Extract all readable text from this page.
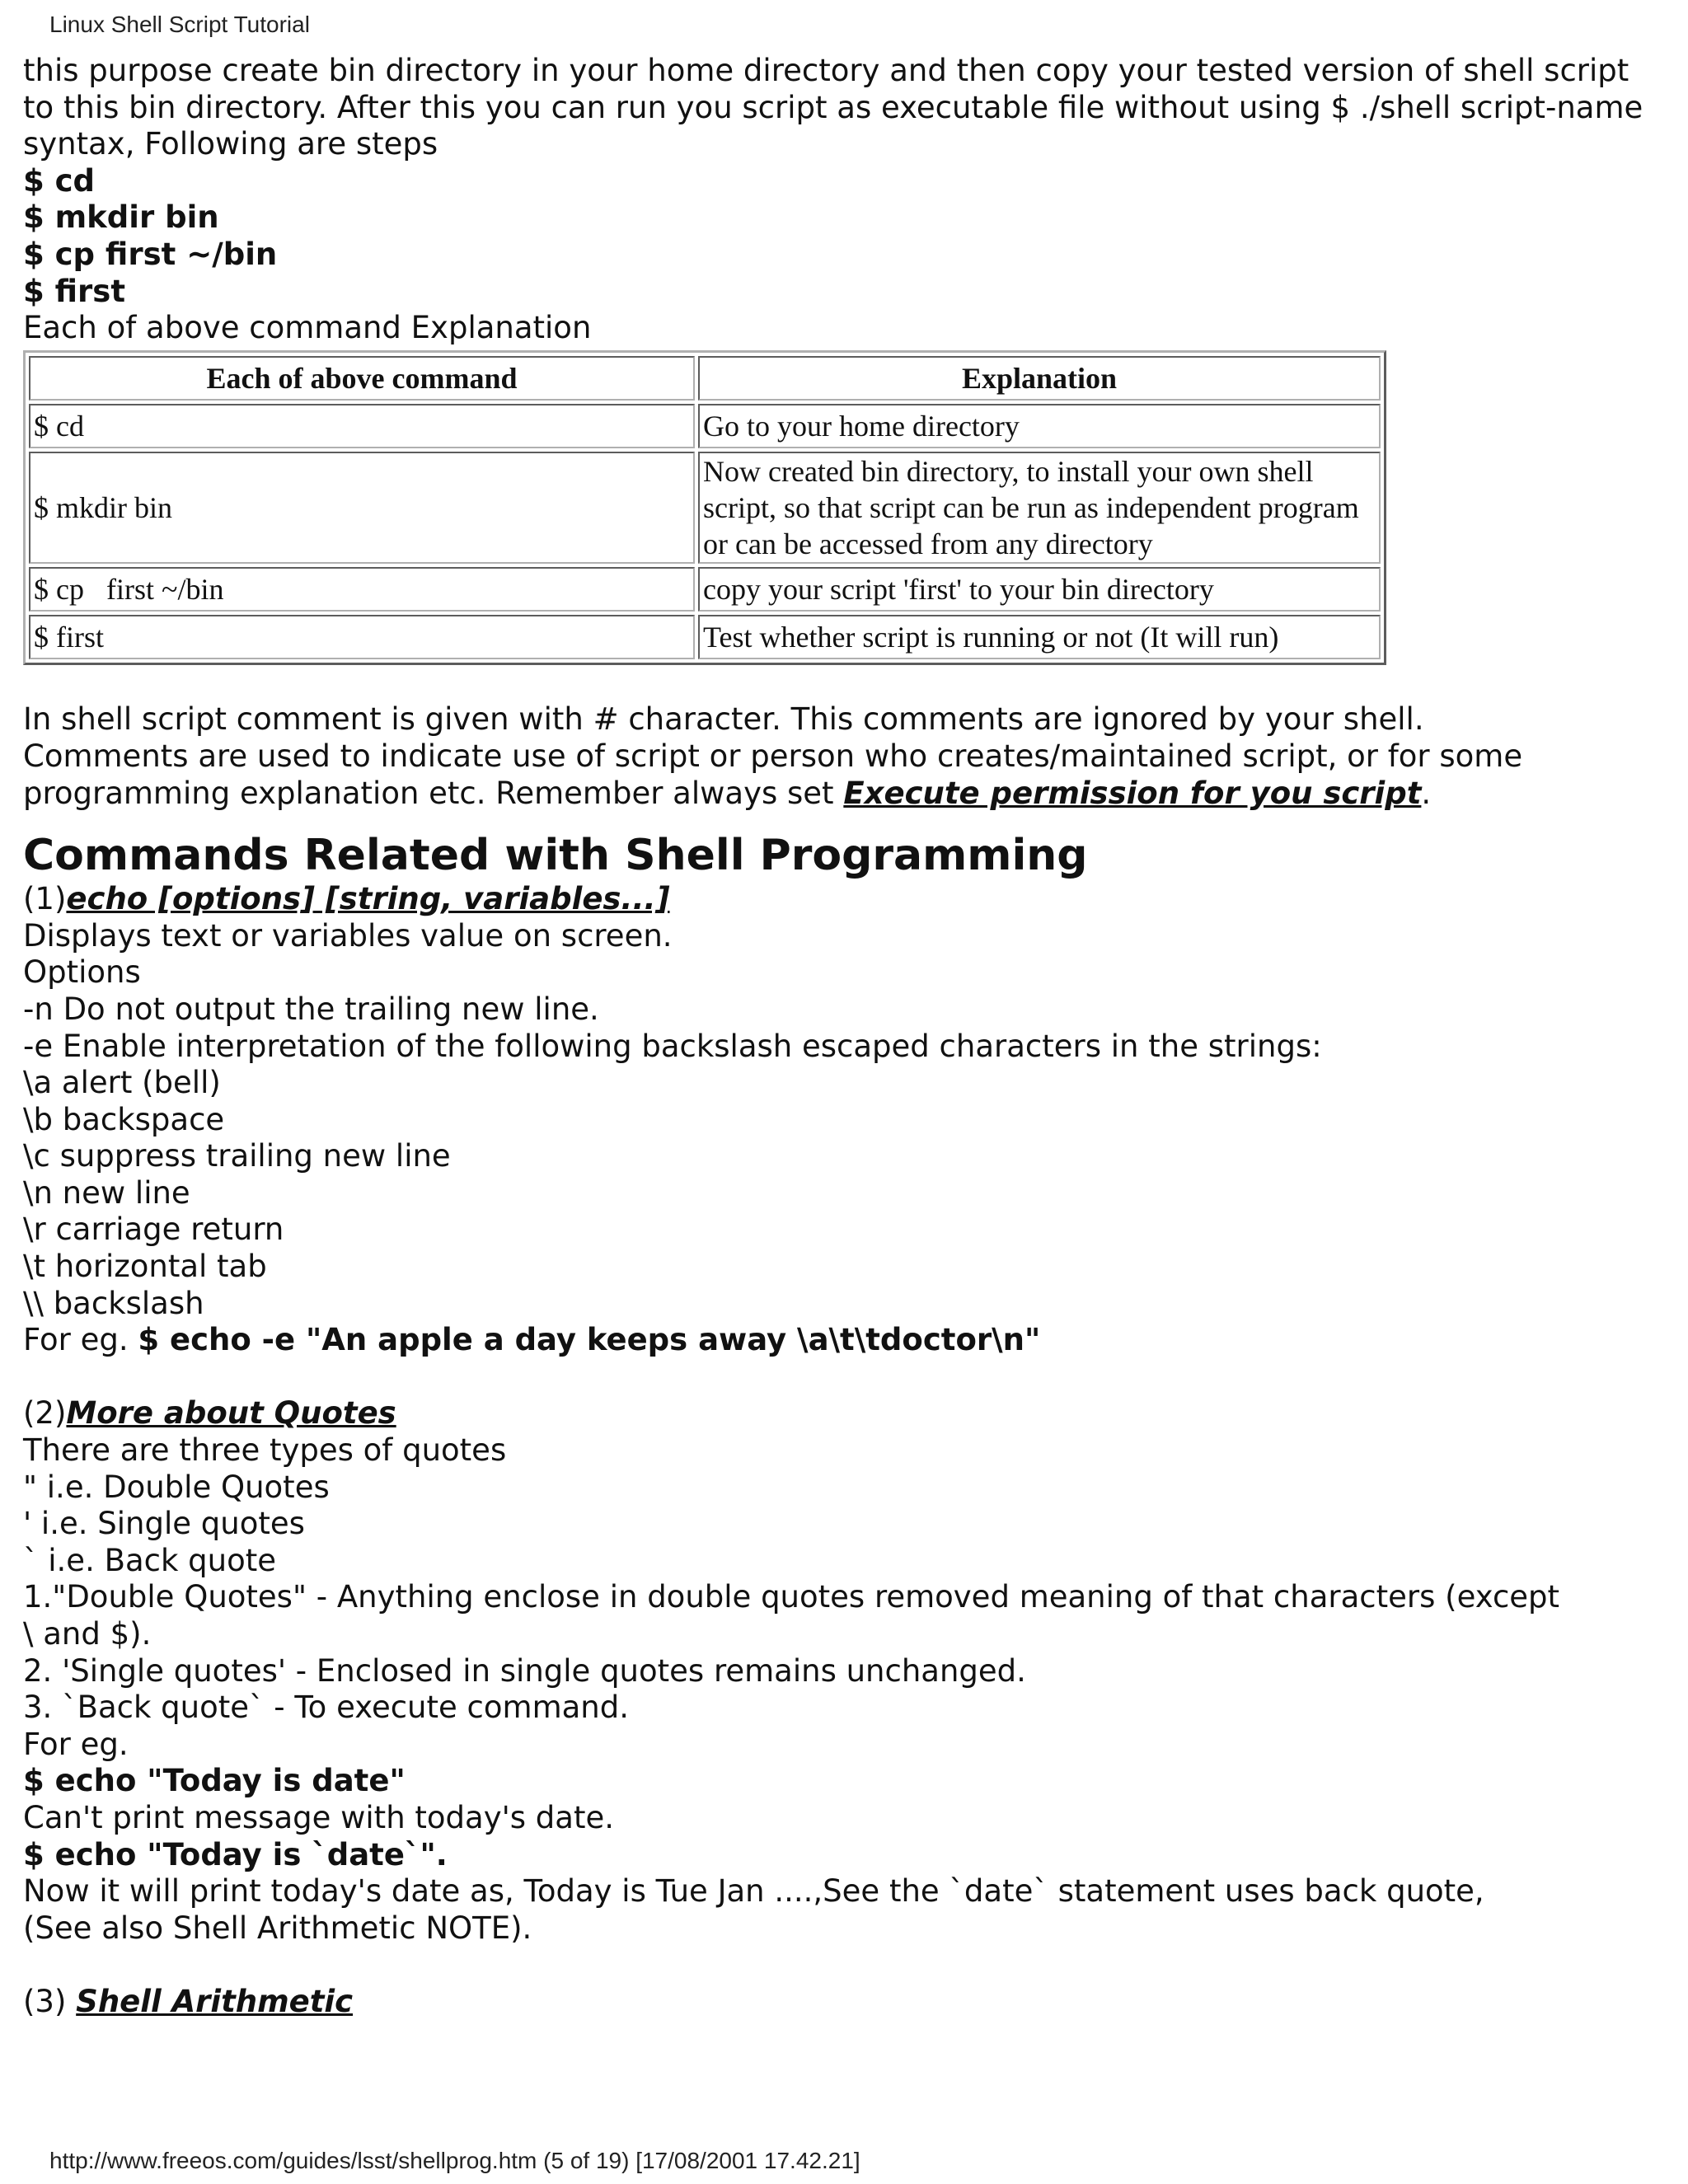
Linux Shell Script Tutorial
this purpose create bin directory in your home directory and then copy your tested version of shell script to this bin directory. After this you can run you script as executable file without using $ ./shell script-name syntax, Following are steps
$ cd
$ mkdir bin
$ cp first ~/bin
$ first
Each of above command Explanation
Each of above command	Explanation
$ cd	Go to your home directory
$ mkdir bin	Now created bin directory, to install your own shell script, so that script can be run as independent program or can be accessed from any directory
$ cp   first ~/bin	copy your script 'first' to your bin directory
$ first	Test whether script is running or not (It will run)
In shell script comment is given with # character. This comments are ignored by your shell.
Comments are used to indicate use of script or person who creates/maintained script, or for some
programming explanation etc. Remember always set Execute permission for you script.
Commands Related with Shell Programming
(1)echo [options] [string, variables...]
Displays text or variables value on screen.
Options
-n Do not output the trailing new line.
-e Enable interpretation of the following backslash escaped characters in the strings:
\a alert (bell)
\b backspace
\c suppress trailing new line
\n new line
\r carriage return
\t horizontal tab
\\ backslash
For eg. $ echo -e "An apple a day keeps away \a\t\tdoctor\n"
(2)More about Quotes
There are three types of quotes
" i.e. Double Quotes
' i.e. Single quotes
` i.e. Back quote
1."Double Quotes" - Anything enclose in double quotes removed meaning of that characters (except
\ and $).
2. 'Single quotes' - Enclosed in single quotes remains unchanged.
3. `Back quote` - To execute command.
For eg.
$ echo "Today is date"
Can't print message with today's date.
$ echo "Today is `date`".
Now it will print today's date as, Today is Tue Jan ....,See the `date` statement uses back quote,
(See also Shell Arithmetic NOTE).
(3) Shell Arithmetic
http://www.freeos.com/guides/lsst/shellprog.htm (5 of 19) [17/08/2001 17.42.21]
